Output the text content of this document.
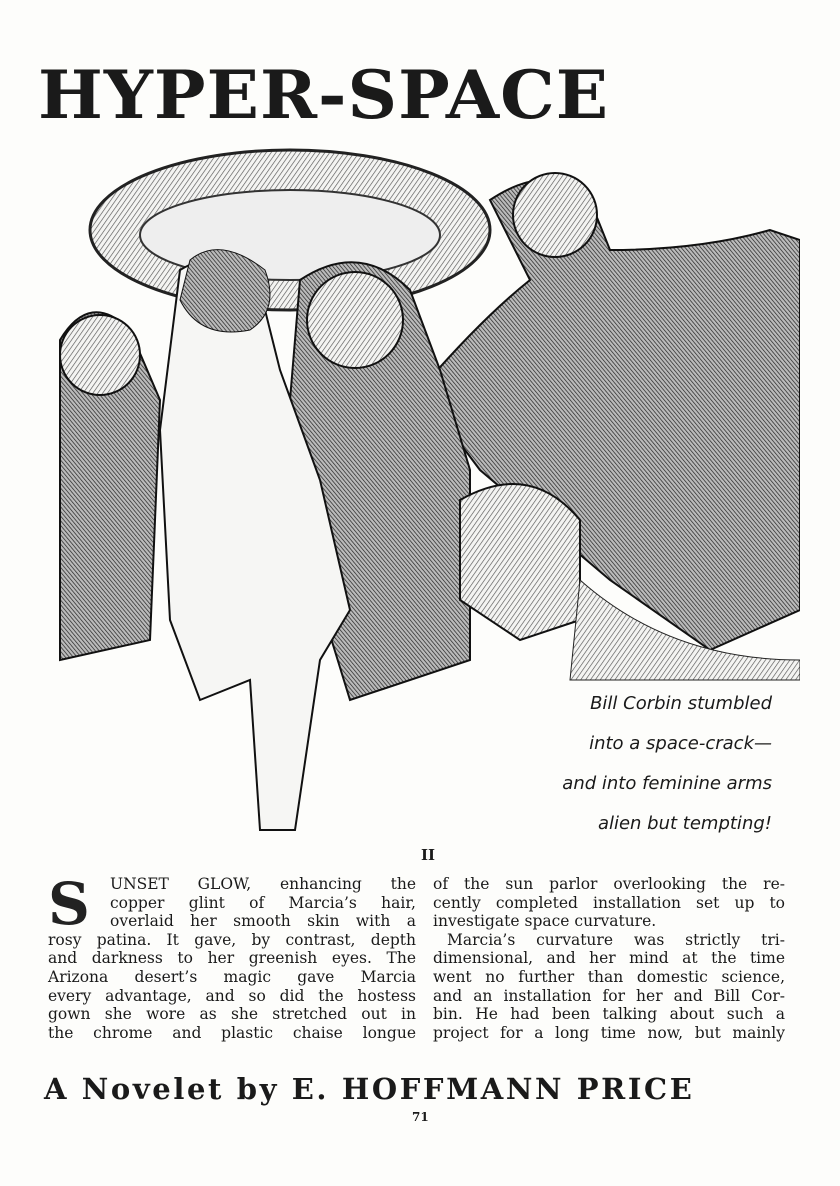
HYPER-SPACE
Bill Corbin stumbled
into a space-crack—
and into feminine arms
alien but tempting!
II
S	UNSET GLOW, enhancing the
copper glint of Marcia’s hair,
overlaid her smooth skin with a
rosy patina. It gave, by contrast, depth
and darkness to her greenish eyes. The
Arizona desert’s magic gave Marcia
every advantage, and so did the hostess
gown she wore as she stretched out in
the chrome and plastic chaise longue
of the sun parlor overlooking the re-
cently completed installation set up to
investigate space curvature.
Marcia’s curvature was strictly tri-
dimensional, and her mind at the time
went no further than domestic science,
and an installation for her and Bill Cor-
bin. He had been talking about such a
project for a long time now, but mainly
A Novelet by E. HOFFMANN PRICE
71
